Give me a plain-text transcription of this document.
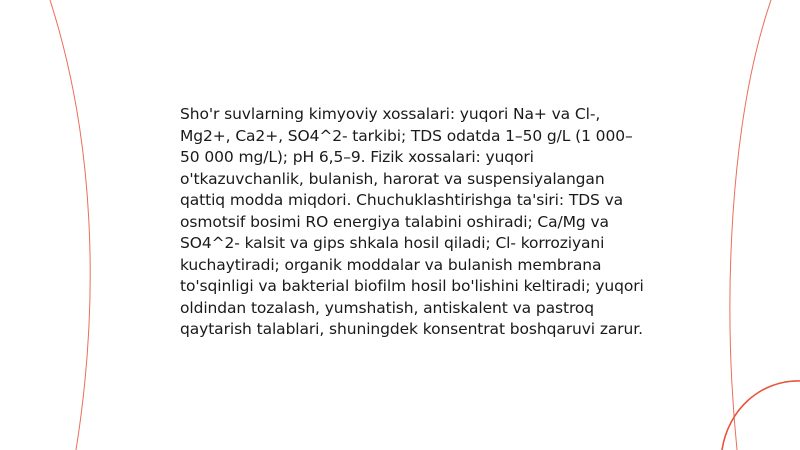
Sho'r suvlarning kimyoviy xossalari: yuqori Na+ va Cl-, Mg2+, Ca2+, SO4^2- tarkibi; TDS odatda 1–50 g/L (1 000–50 000 mg/L); pH 6,5–9. Fizik xossalari: yuqori o'tkazuvchanlik, bulanish, harorat va suspensiyalangan qattiq modda miqdori. Chuchuklashtirishga ta'siri: TDS va osmotsif bosimi RO energiya talabini oshiradi; Ca/Mg va SO4^2- kalsit va gips shkala hosil qiladi; Cl- korroziyani kuchaytiradi; organik moddalar va bulanish membrana to'sqinligi va bakterial biofilm hosil bo'lishini keltiradi; yuqori oldindan tozalash, yumshatish, antiskalent va pastroq qaytarish talablari, shuningdek konsentrat boshqaruvi zarur.
